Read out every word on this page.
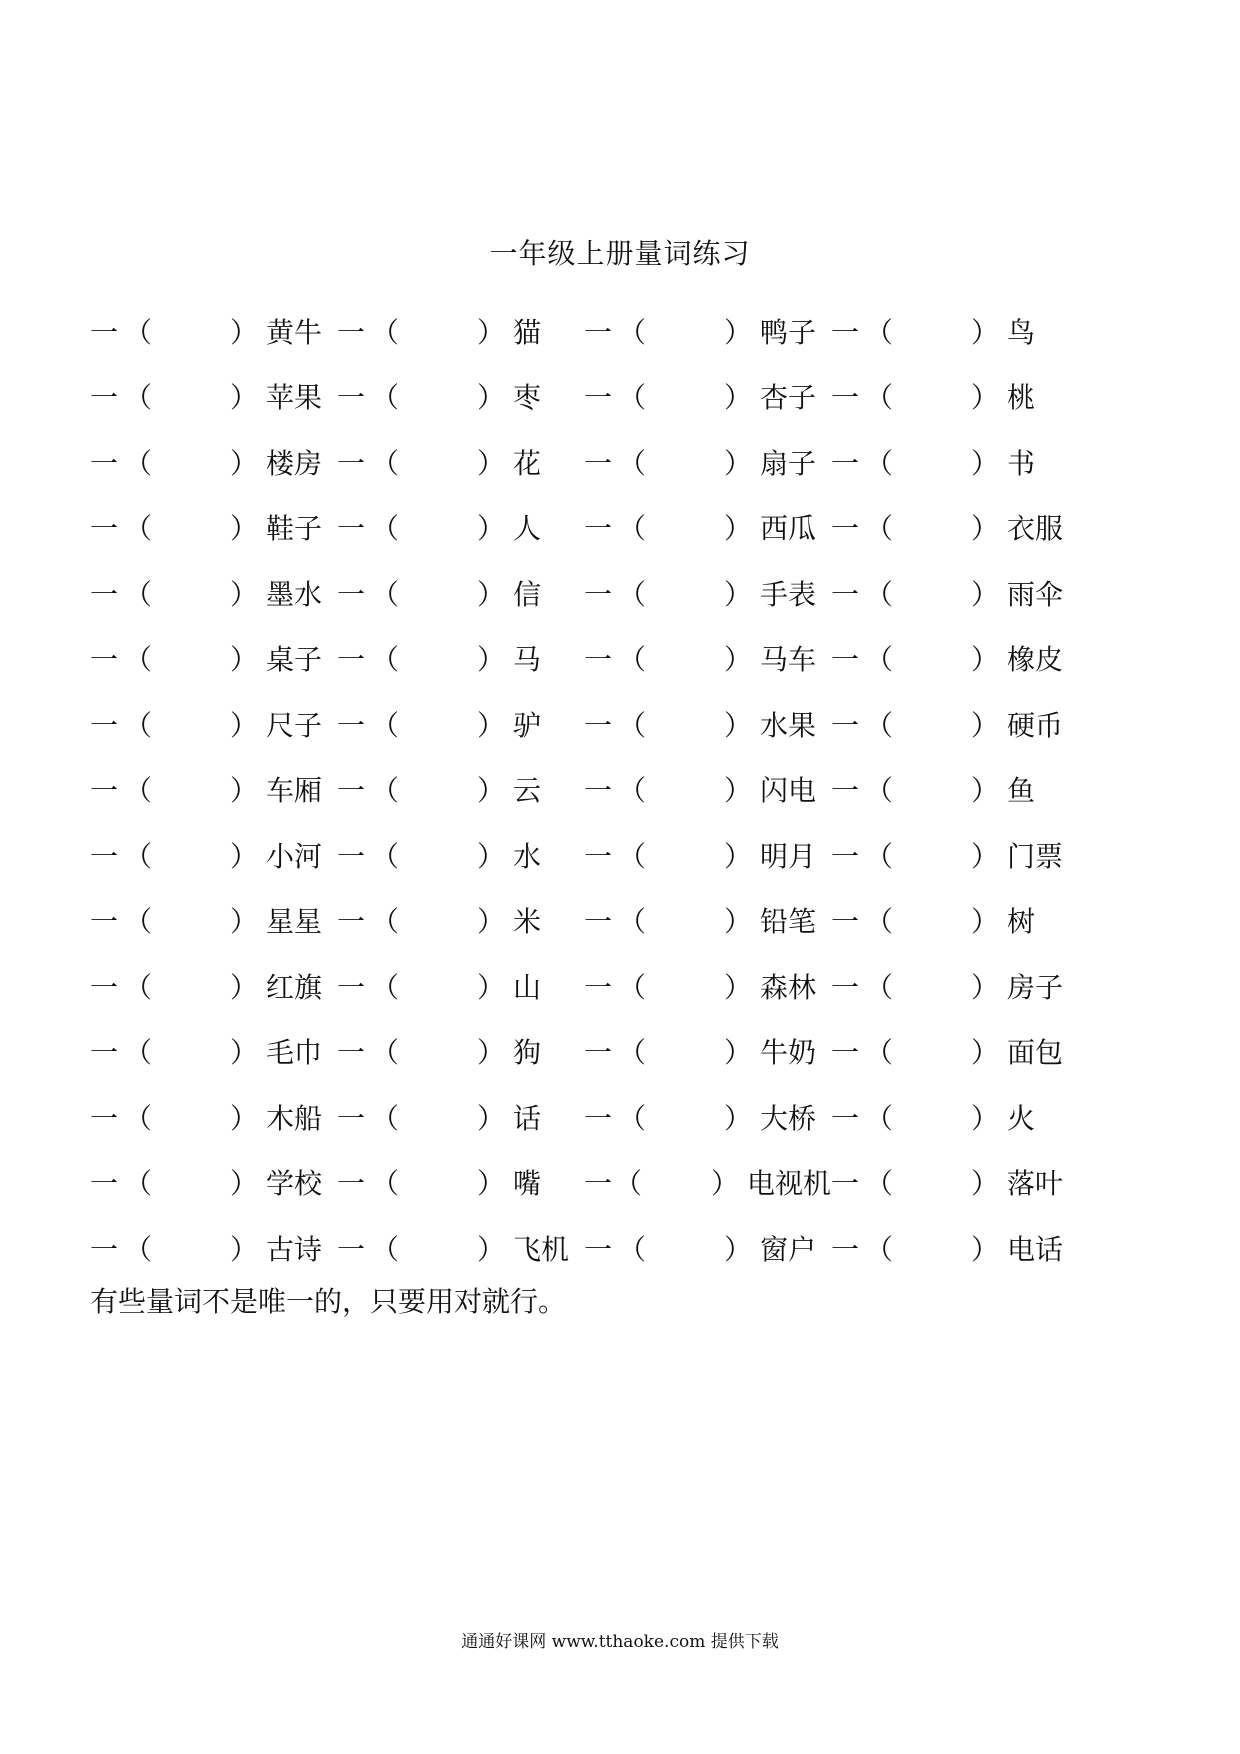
一年级上册量词练习
一 （	） 黄牛 一 （	） 猫 一 （	） 鸭子 一 （	） 鸟
一 （	） 苹果 一 （	） 枣 一 （	） 杏子 一 （	） 桃
一 （	） 楼房 一 （	） 花 一 （	） 扇子 一 （	） 书
一 （	） 鞋子 一 （	） 人 一 （	） 西瓜 一 （	） 衣服
一 （	） 墨水 一 （	） 信 一 （	） 手表 一 （	） 雨伞
一 （	） 桌子 一 （	） 马 一 （	） 马车 一 （	） 橡皮
一 （	） 尺子 一 （	） 驴 一 （	） 水果 一 （	） 硬币
一 （	） 车厢 一 （	） 云 一 （	） 闪电 一 （	） 鱼
一 （	） 小河 一 （	） 水 一 （	） 明月 一 （	） 门票
一 （	） 星星 一 （	） 米 一 （	） 铅笔 一 （	） 树
一 （	） 红旗 一 （	） 山 一 （	） 森林 一 （	） 房子
一 （	） 毛巾 一 （	） 狗 一 （	） 牛奶 一 （	） 面包
一 （	） 木船 一 （	） 话 一 （	） 大桥 一 （	） 火
一 （	） 学校 一 （	） 嘴 一 （ ） 电视机 一 （	） 落叶
一 （	） 古诗 一 （	） 飞机 一 （	） 窗户 一 （	） 电话
有些量词不是唯一的，只要用对就行。
通通好课网 www.tthaoke.com 提供下载
